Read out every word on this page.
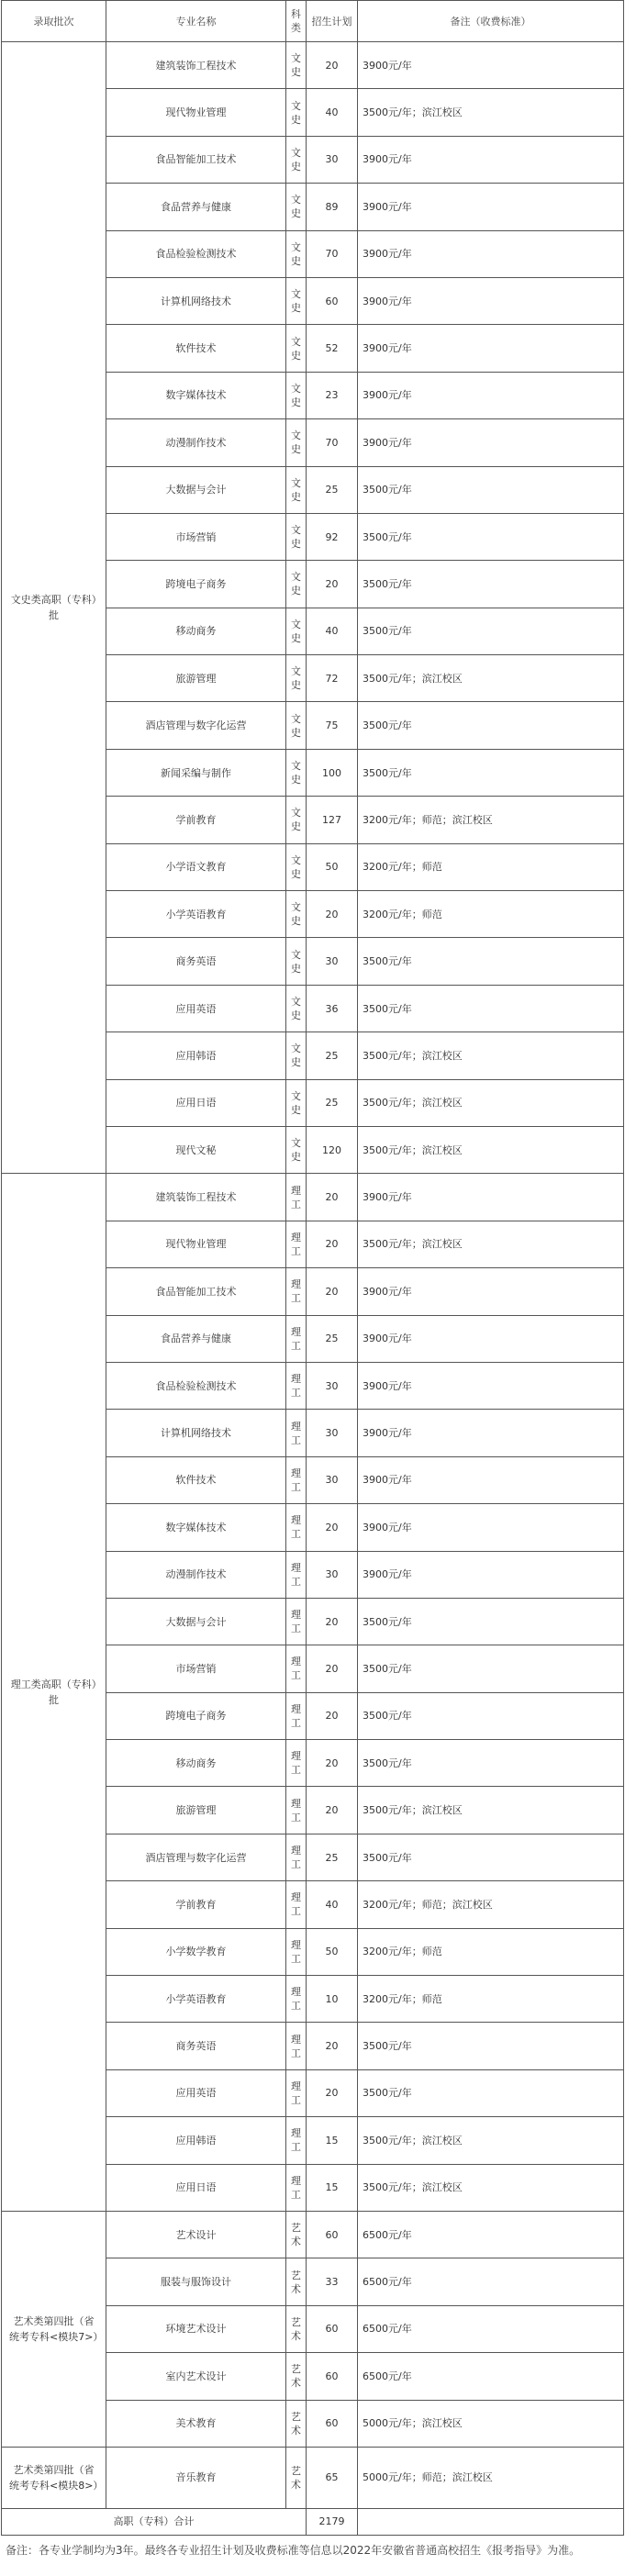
录取批次	专业名称	科类	招生计划	备注（收费标准）
文史类高职（专科）批	建筑装饰工程技术	文史	20	3900元/年
	现代物业管理	文史	40	3500元/年；滨江校区
	食品智能加工技术	文史	30	3900元/年
	食品营养与健康	文史	89	3900元/年
	食品检验检测技术	文史	70	3900元/年
	计算机网络技术	文史	60	3900元/年
	软件技术	文史	52	3900元/年
	数字媒体技术	文史	23	3900元/年
	动漫制作技术	文史	70	3900元/年
	大数据与会计	文史	25	3500元/年
	市场营销	文史	92	3500元/年
	跨境电子商务	文史	20	3500元/年
	移动商务	文史	40	3500元/年
	旅游管理	文史	72	3500元/年；滨江校区
	酒店管理与数字化运营	文史	75	3500元/年
	新闻采编与制作	文史	100	3500元/年
	学前教育	文史	127	3200元/年；师范；滨江校区
	小学语文教育	文史	50	3200元/年；师范
	小学英语教育	文史	20	3200元/年；师范
	商务英语	文史	30	3500元/年
	应用英语	文史	36	3500元/年
	应用韩语	文史	25	3500元/年；滨江校区
	应用日语	文史	25	3500元/年；滨江校区
	现代文秘	文史	120	3500元/年；滨江校区
理工类高职（专科）批	建筑装饰工程技术	理工	20	3900元/年
	现代物业管理	理工	20	3500元/年；滨江校区
	食品智能加工技术	理工	20	3900元/年
	食品营养与健康	理工	25	3900元/年
	食品检验检测技术	理工	30	3900元/年
	计算机网络技术	理工	30	3900元/年
	软件技术	理工	30	3900元/年
	数字媒体技术	理工	20	3900元/年
	动漫制作技术	理工	30	3900元/年
	大数据与会计	理工	20	3500元/年
	市场营销	理工	20	3500元/年
	跨境电子商务	理工	20	3500元/年
	移动商务	理工	20	3500元/年
	旅游管理	理工	20	3500元/年；滨江校区
	酒店管理与数字化运营	理工	25	3500元/年
	学前教育	理工	40	3200元/年；师范；滨江校区
	小学数学教育	理工	50	3200元/年；师范
	小学英语教育	理工	10	3200元/年；师范
	商务英语	理工	20	3500元/年
	应用英语	理工	20	3500元/年
	应用韩语	理工	15	3500元/年；滨江校区
	应用日语	理工	15	3500元/年；滨江校区
艺术类第四批（省统考专科<模块7>）	艺术设计	艺术	60	6500元/年
	服装与服饰设计	艺术	33	6500元/年
	环境艺术设计	艺术	60	6500元/年
	室内艺术设计	艺术	60	6500元/年
	美术教育	艺术	60	5000元/年；滨江校区
艺术类第四批（省统考专科<模块8>）	音乐教育	艺术	65	5000元/年；师范；滨江校区
高职（专科）合计			2179	
备注：各专业学制均为3年。最终各专业招生计划及收费标准等信息以2022年安徽省普通高校招生《报考指导》为准。
